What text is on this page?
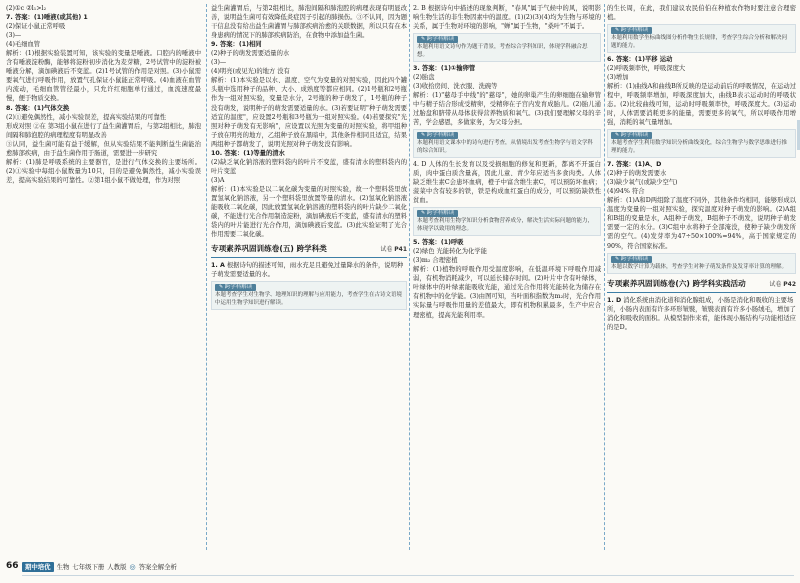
(2)①c ②l₁>l₂

7. 答案：(1)唾液(或其他) 1

(2)保证小鼠正常呼吸

(3)—

(4)毛细血管

解析：(1)根据实验装置可知，该实验的变量是唾液。口腔内的唾液中含有唾液淀粉酶，能够将淀粉初步消化为麦芽糖，2号试管中的淀粉被唾液分解，滴加碘液后不变蓝。(2)1号试管的作用是对照。(3)小鼠需要氧气进行呼吸作用，放置气孔保证小鼠能正常呼吸。(4)血液在血管内流动，毛细血管管径最小，只允许红细胞单行通过，血流速度最慢，便于物质交换。

8. 答案：(1)气体交换

(2)①避免偶然性，减小实验误差，提高实验结果的可靠性

形成对照 ②在 第3组小鼠在进行了益生菌灌胃后，与第2组相比，肺泡间隔和肺泡腔的病理程度有明显改善

③认同，益生菌可能有益于缓解，但从实验结果不能判断益生菌能治愈肺部疾病，由于益生菌作用于肠道，需要进一步研究

解析：(1)肺是呼吸系统的主要器官，是进行气体交换的主要场所。(2)①实验中每组小鼠数量为10只，目的是避免偶然性，减小实验误差，提高实验结果的可靠性。②第1组小鼠不做处理，作为对照

益生菌灌胃后，与第2组相比，肺泡间隔和肺泡腔的病理表现有明显改善，说明益生菌可有效降低炎症因子引起的肺损伤。③不认同，因为题干信息没有给出益生菌灌胃与肺部疾病治愈的关联数据，所以只有在本身患病的情况下的肺部疾病防治，在食物中添加益生菌。

9. 答案：(1)相同

(2)种子的萌发需要适量的水

(3)—

(4)明亮(或见光)的地方 没有

解析：(1)本实验是以水、温度、空气为变量的对照实验，因此四个罐头瓶中选用种子的品种、大小、成熟度等都应相同。(2)1号瓶和2号瓶作为一组对照实验，变量是水分，2号瓶的种子萌发了，1号瓶的种子没有萌发，说明种子的萌发需要适量的水。(3)若要证明"种子萌发需要适宜的温度"，应设置2号瓶和3号瓶为一组对照实验。(4)若要探究"光照对种子萌发有无影响"，应设置以光照为变量的对照实验，将甲组种子放在明亮的地方，乙组种子放在黑暗中，其他条件相同且适宜，结果两组种子都萌发了，说明光照对种子萌发没有影响。

10. 答案：(1)等量的清水

(2)缺乏氧化钠溶液的塑料袋内的叶片不变蓝，盛有清水的塑料袋内的叶片变蓝

(3)A

解析：(1)本实验是以二氧化碳为变量的对照实验，故一个塑料袋里放置氢氧化钠溶液，另一个塑料袋里放置等量的清水。(2)氢氧化钠溶液能吸收二氧化碳，因此放置氢氧化钠溶液的塑料袋内的叶片缺少二氧化碳，不能进行光合作用制造淀粉，滴加碘液后不变蓝，盛有清水的塑料袋内的叶片能进行光合作用，滴加碘液后变蓝。(3)此实验证明了光合作用需要二氧化碳。

专项素养巩固训练卷(五) 跨学科类	试卷 P41

1. A 根据诗句的描述可知，雨水充足且避免过量降水的条件，说明种子萌发需要适量的水。

✎ 跨学科解读
本题考查学生对生物学、地理知识的理解与应用能力，考查学生在古诗文语境中运用生物学知识进行解读。

2. B 根据诗句中描述的现象判断，"春风"属于气候中的风，说明影响生物生活的非生物因素中的温度。(1)(2)(3)(4)均为生物与环境的关系，属于生物对环境的影响，"蝉"属于生物，"桑叶"不属于。

✎ 跨学科解读
本题利用语文诗句作为题干背景，考查综合学科知识，体现学科融合思想。

3. 答案：(1)①输卵管

(2)胎盘

(3)收拾房间、洗衣服、洗碗等

解析：(1)"慈母手中线"的"慈母"，她的卵巢产生的卵细胞在输卵管中与精子结合形成受精卵，受精卵在子宫内发育成胎儿。(2)胎儿通过胎盘和脐带从母体获得营养物质和氧气。(3)我们要理解父母的辛苦，学会感恩，多做家务，为父母分担。

✎ 跨学科解读
本题利用语文课本中的诗句进行考查，从情境出发考查生物学与语文学科的综合知识。

4. D 人体的生长发育以及受损细胞的修复和更新，都离不开蛋白质，肉中蛋白质含量高，因此儿童、青少年应适当多食肉类。人体缺乏维生素C会患坏血病，橙子中富含维生素C，可以预防坏血病；菠菜中含有较多的铁，铁是构成血红蛋白的成分，可以预防缺铁性贫血。

✎ 跨学科解读
本题考查利用生物学知识分析食物营养成分，解决生活实际问题的能力，体现学以致用的理念。

5. 答案：(1)呼吸

(2)绿色 光能转化为化学能

(3)m₂ 合理密植

解析：(1)植物的呼吸作用受温度影响，在低温环境下呼吸作用减弱，有机物消耗减少，可以延长储存时间。(2)叶片中含有叶绿体，叶绿体中的叶绿素能吸收光能，通过光合作用将光能转化为储存在有机物中的化学能。(3)由图可知，当叶面积指数为m₂时，光合作用实际量与呼吸作用量的差值最大，即有机物积累最多，生产中应合理密植，提高光能利用率。

的生长周，在此，我们建议农民伯伯在种植农作物时要注意合理密植。

✎ 跨学科解读
本题利用数学坐标曲线图分析作物生长规律，考查学生综合分析和解决问题的能力。

6. 答案：(1)平移 运动

(2)呼吸频率快，呼吸深度大

(3)增加

解析：(1)曲线A和曲线B所反映的是运动前后的呼吸情况，在运动过程中，呼吸频率增加，呼吸深度加大，曲线B表示运动时的呼吸状态。(2)比较曲线可知，运动时呼吸频率快，呼吸深度大。(3)运动时，人体需要消耗更多的能量，需要更多的氧气，所以呼吸作用增强，消耗的氧气量增加。

✎ 跨学科解读
本题考查学生利用数学知识分析曲线变化，综合生物学与数学思维进行推理的能力。

7. 答案：(1)A、D

(2)种子的萌发需要水

(3)缺少氧气(或缺少空气)

(4)94% 符合

解析：(1)A和D两组除了温度不同外，其他条件均相同，能够形成以温度为变量的一组对照实验，探究温度对种子萌发的影响。(2)A组和B组的变量是水，A组种子萌发，B组种子不萌发，说明种子萌发需要一定的水分。(3)C组中水将种子全部淹没，使种子缺少萌发所需的空气。(4)发芽率为47÷50×100%=94%，高于国家规定的90%，符合国家标准。

✎ 跨学科解读
本题以数学计算为载体，考查学生对种子萌发条件及发芽率计算的理解。
专项素养巩固训练卷(六) 跨学科实践活动	试卷 P42

1. D 消化系统由消化道和消化腺组成，小肠是消化和吸收的主要场所，小肠内表面有许多环形皱襞，皱襞表面有许多小肠绒毛，增加了消化和吸收的面积。从模型制作来看，能体现小肠结构与功能相适应的是D。

66	期中培优 生物 七年级下册 人教版 ◎ 答案全解全析
